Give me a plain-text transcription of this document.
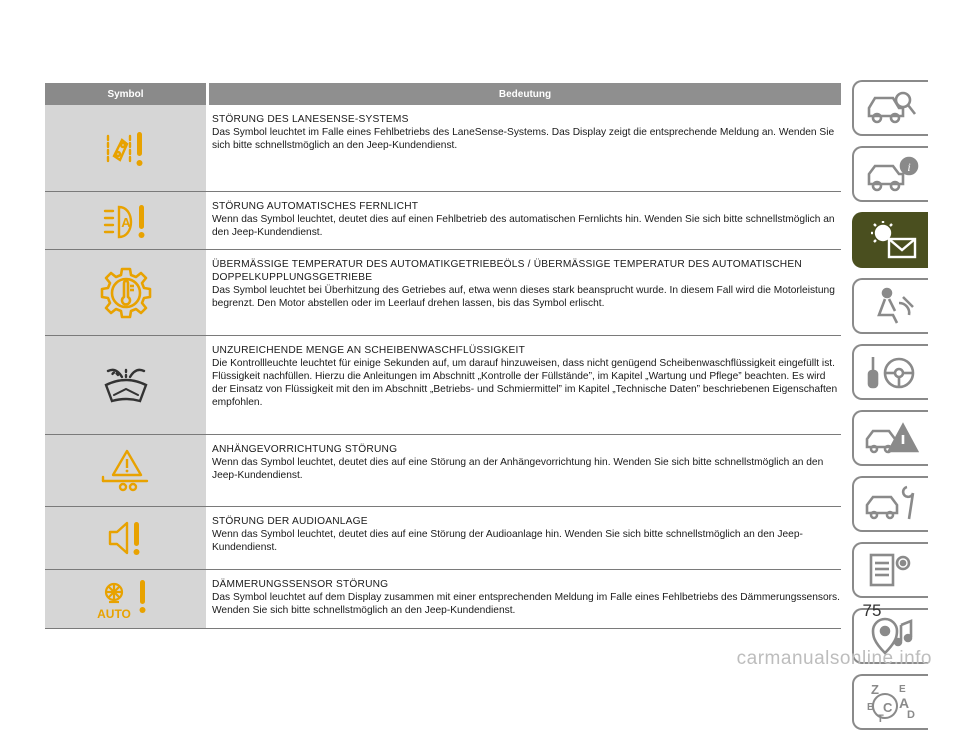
Symbol	Bedeutung
STÖRUNG DES LANESENSE-SYSTEMS

Das Symbol leuchtet im Falle eines Fehlbetriebs des LaneSense-Systems. Das Display zeigt die entsprechende Meldung an. Wenden Sie sich bitte schnellstmöglich an den Jeep-Kundendienst.

A
STÖRUNG AUTOMATISCHES FERNLICHT

Wenn das Symbol leuchtet, deutet dies auf einen Fehlbetrieb des automatischen Fernlichts hin. Wenden Sie sich bitte schnellstmöglich an den Jeep-Kundendienst.

ÜBERMÄSSIGE TEMPERATUR DES AUTOMATIKGETRIEBEÖLS / ÜBERMÄSSIGE TEMPERATUR DES AUTOMATISCHEN DOPPELKUPPLUNGSGETRIEBE

Das Symbol leuchtet bei Überhitzung des Getriebes auf, etwa wenn dieses stark beansprucht wurde. In diesem Fall wird die Motorleistung begrenzt. Den Motor abstellen oder im Leerlauf drehen lassen, bis das Symbol erlischt.

UNZUREICHENDE MENGE AN SCHEIBENWASCHFLÜSSIGKEIT

Die Kontrollleuchte leuchtet für einige Sekunden auf, um darauf hinzuweisen, dass nicht genügend Scheibenwaschflüssigkeit eingefüllt ist.

Flüssigkeit nachfüllen. Hierzu die Anleitungen im Abschnitt „Kontrolle der Füllstände”, im Kapitel „Wartung und Pflege” beachten. Es wird der Einsatz von Flüssigkeit mit den im Abschnitt „Betriebs- und Schmiermittel” im Kapitel „Technische Daten” beschriebenen Eigenschaften empfohlen.

ANHÄNGEVORRICHTUNG STÖRUNG

Wenn das Symbol leuchtet, deutet dies auf eine Störung an der Anhängevorrichtung hin. Wenden Sie sich bitte schnellstmöglich an den Jeep-Kundendienst.

STÖRUNG DER AUDIOANLAGE

Wenn das Symbol leuchtet, deutet dies auf eine Störung der Audioanlage hin. Wenden Sie sich bitte schnellstmöglich an den Jeep-Kundendienst.

AUTO
DÄMMERUNGSSENSOR STÖRUNG

Das Symbol leuchtet auf dem Display zusammen mit einer entsprechenden Meldung im Falle eines Fehlbetriebs des Dämmerungssensors. Wenden Sie sich bitte schnellstmöglich an den Jeep-Kundendienst.

i
Z E
A
B C
T D
75
carmanualsonline.info
